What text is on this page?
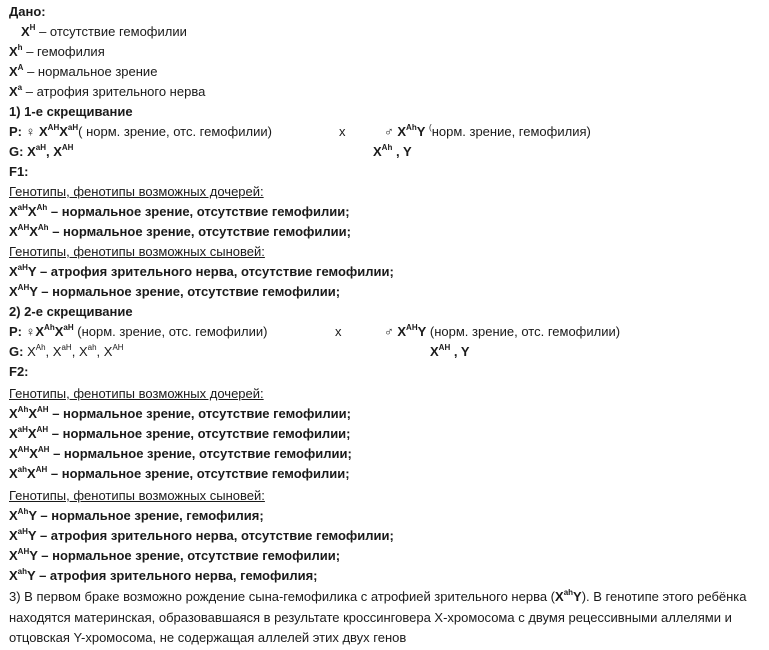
Дано:
$X^H$ – отсутствие гемофилии
$X^h$ – гемофилия
$X^A$ – нормальное зрение
$X^a$ – атрофия зрительного нерва
1) 1-е скрещивание
P: ♀ $X^{AH}X^{aH}$( норм. зрение, отс. гемофилии)	x	♂ $X^{Ah}Y$ (норм. зрение, гемофилия)
G: $X^{aH}$, $X^{AH}$	$X^{Ah}$ , Y
F1:
Генотипы, фенотипы возможных дочерей:
$X^{aH}X^{Ah}$ – нормальное зрение, отсутствие гемофилии;
$X^{AH}X^{Ah}$ – нормальное зрение, отсутствие гемофилии;
Генотипы, фенотипы возможных сыновей:
$X^{aH}Y$ – атрофия зрительного нерва, отсутствие гемофилии;
$X^{AH}Y$ – нормальное зрение, отсутствие гемофилии;
2) 2-е скрещивание
P: $♀X^{Ah}X^{aH}$ (норм. зрение, отс. гемофилии)	x	♂ $X^{AH}Y$ (норм. зрение, отс. гемофилии)
G: $X^{Ah}$, $X^{aH}$, $X^{ah}$, $X^{AH}$	$X^{AH}$ , Y
F2:
Генотипы, фенотипы возможных дочерей:
$X^{Ah}X^{AH}$ – нормальное зрение, отсутствие гемофилии;
$X^{aH}X^{AH}$ – нормальное зрение, отсутствие гемофилии;
$X^{AH}X^{AH}$ – нормальное зрение, отсутствие гемофилии;
$X^{ah}X^{AH}$ – нормальное зрение, отсутствие гемофилии;
Генотипы, фенотипы возможных сыновей:
$X^{Ah}Y$ – нормальное зрение, гемофилия;
$X^{aH}Y$ – атрофия зрительного нерва, отсутствие гемофилии;
$X^{AH}Y$ – нормальное зрение, отсутствие гемофилии;
$X^{ah}Y$ – атрофия зрительного нерва, гемофилия;
3) В первом браке возможно рождение сына-гемофилика с атрофией зрительного нерва $(X^{ah}Y)$. В генотипе этого ребёнка находятся материнская, образовавшаяся в результате кроссинговера Х-хромосома с двумя рецессивными аллелями и отцовская Y-хромосома, не содержащая аллелей этих двух генов
